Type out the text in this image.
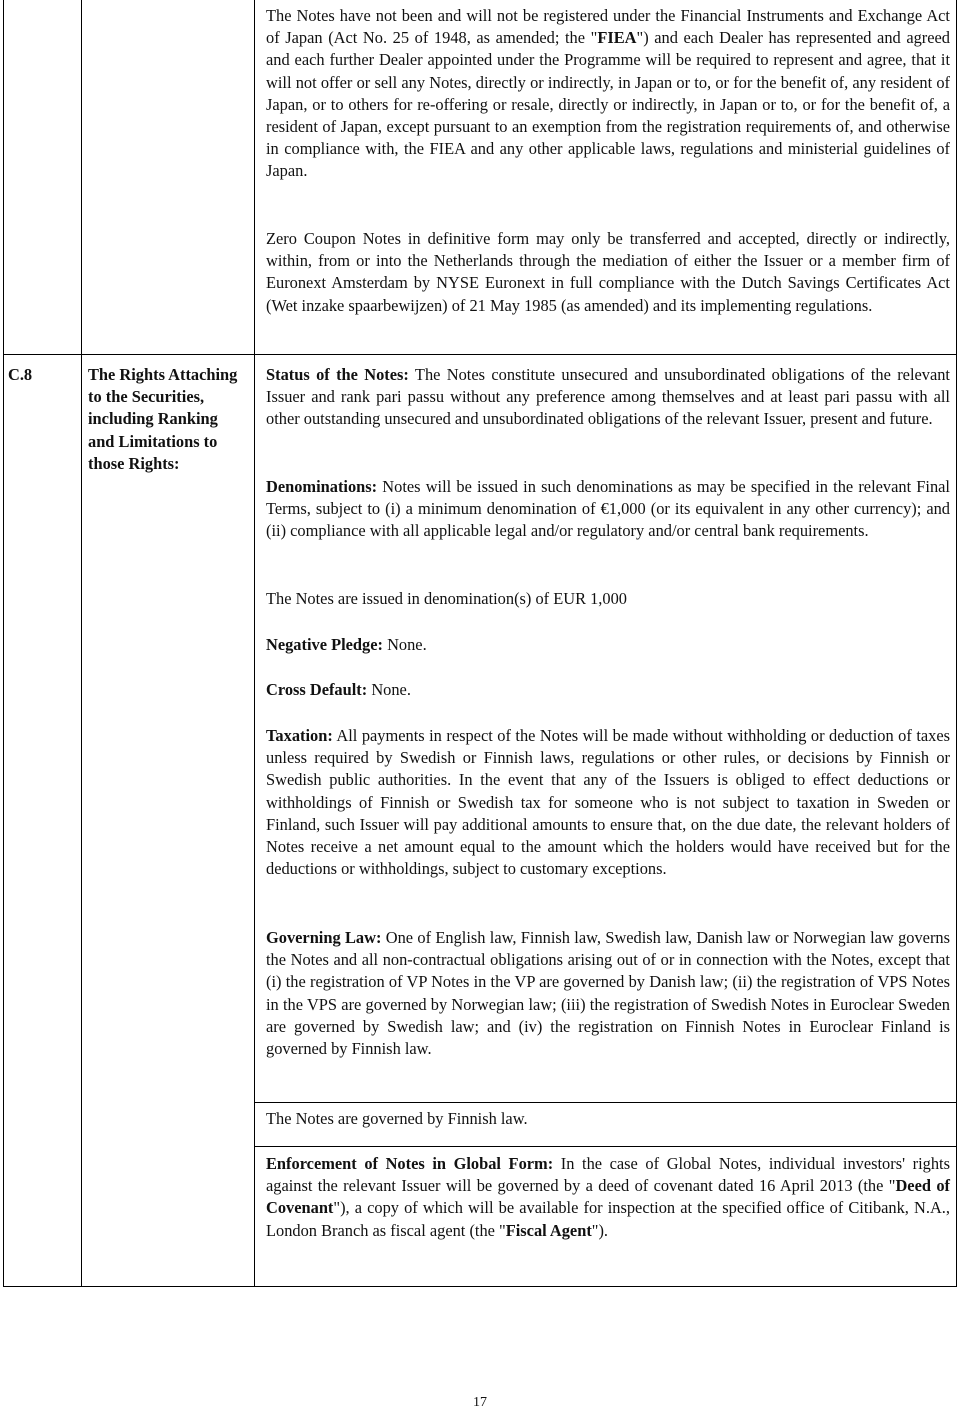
The Notes have not been and will not be registered under the Financial Instruments and Exchange Act of Japan (Act No. 25 of 1948, as amended; the "FIEA") and each Dealer has represented and agreed and each further Dealer appointed under the Programme will be required to represent and agree, that it will not offer or sell any Notes, directly or indirectly, in Japan or to, or for the benefit of, any resident of Japan, or to others for re-offering or resale, directly or indirectly, in Japan or to, or for the benefit of, a resident of Japan, except pursuant to an exemption from the registration requirements of, and otherwise in compliance with, the FIEA and any other applicable laws, regulations and ministerial guidelines of Japan.

Zero Coupon Notes in definitive form may only be transferred and accepted, directly or indirectly, within, from or into the Netherlands through the mediation of either the Issuer or a member firm of Euronext Amsterdam by NYSE Euronext in full compliance with the Dutch Savings Certificates Act (Wet inzake spaarbewijzen) of 21 May 1985 (as amended) and its implementing regulations.

C.8	The Rights Attaching to the Securities, including Ranking and Limitations to those Rights:

Status of the Notes: The Notes constitute unsecured and unsubordinated obligations of the relevant Issuer and rank pari passu without any preference among themselves and at least pari passu with all other outstanding unsecured and unsubordinated obligations of the relevant Issuer, present and future.

Denominations: Notes will be issued in such denominations as may be specified in the relevant Final Terms, subject to (i) a minimum denomination of €1,000 (or its equivalent in any other currency); and (ii) compliance with all applicable legal and/or regulatory and/or central bank requirements.

The Notes are issued in denomination(s) of EUR 1,000

Negative Pledge: None.

Cross Default: None.

Taxation: All payments in respect of the Notes will be made without withholding or deduction of taxes unless required by Swedish or Finnish laws, regulations or other rules, or decisions by Finnish or Swedish public authorities. In the event that any of the Issuers is obliged to effect deductions or withholdings of Finnish or Swedish tax for someone who is not subject to taxation in Sweden or Finland, such Issuer will pay additional amounts to ensure that, on the due date, the relevant holders of Notes receive a net amount equal to the amount which the holders would have received but for the deductions or withholdings, subject to customary exceptions.

Governing Law: One of English law, Finnish law, Swedish law, Danish law or Norwegian law governs the Notes and all non-contractual obligations arising out of or in connection with the Notes, except that (i) the registration of VP Notes in the VP are governed by Danish law; (ii) the registration of VPS Notes in the VPS are governed by Norwegian law; (iii) the registration of Swedish Notes in Euroclear Sweden are governed by Swedish law; and (iv) the registration on Finnish Notes in Euroclear Finland is governed by Finnish law.

The Notes are governed by Finnish law.

Enforcement of Notes in Global Form: In the case of Global Notes, individual investors' rights against the relevant Issuer will be governed by a deed of covenant dated 16 April 2013 (the "Deed of Covenant"), a copy of which will be available for inspection at the specified office of Citibank, N.A., London Branch as fiscal agent (the "Fiscal Agent").

17
